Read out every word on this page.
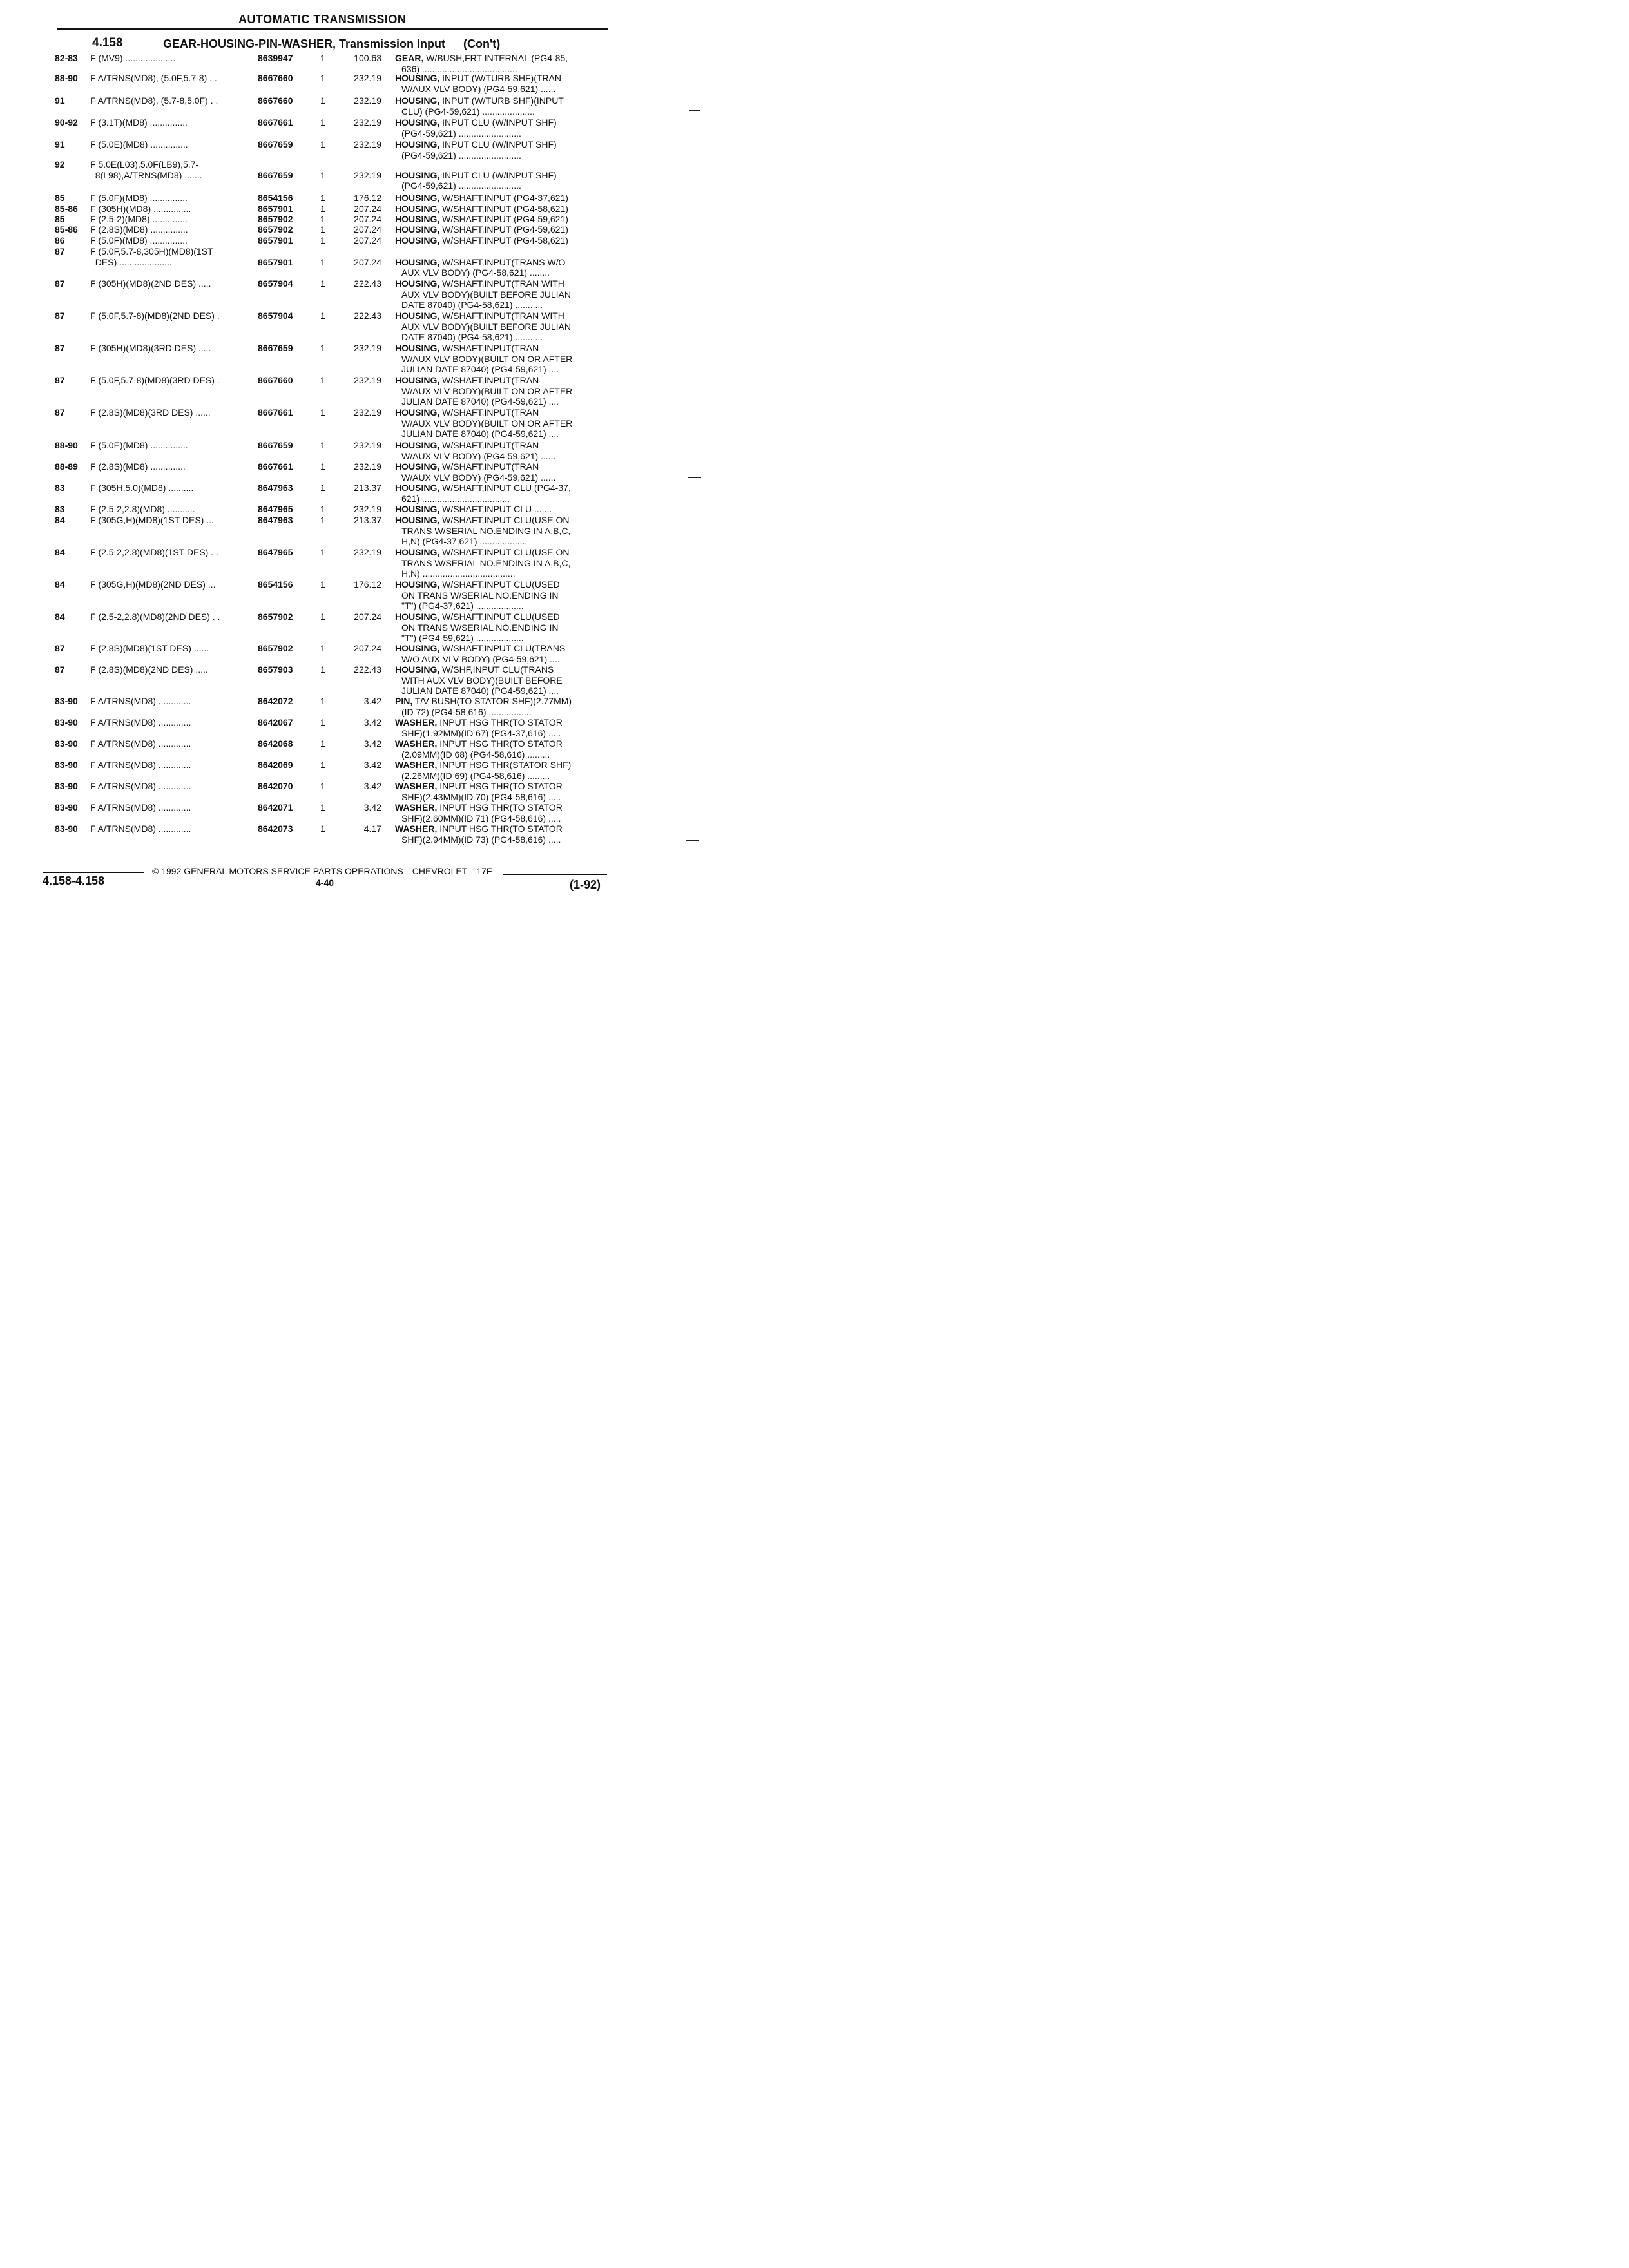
AUTOMATIC TRANSMISSION
4.158	GEAR-HOUSING-PIN-WASHER, Transmission Input (Con't)
82-83 F (MV9) ....................	8639947	1	100.63 GEAR, W/BUSH,FRT INTERNAL (PG4-85,
636) ......................................
88-90 F A/TRNS(MD8), (5.0F,5.7-8) . .	8667660	1	232.19 HOUSING, INPUT (W/TURB SHF)(TRAN
W/AUX VLV BODY) (PG4-59,621) ......
91	F A/TRNS(MD8), (5.7-8,5.0F) . .	8667660	1	232.19 HOUSING, INPUT (W/TURB SHF)(INPUT
CLU) (PG4-59,621) .....................
90-92 F (3.1T)(MD8) ...............	8667661	1	232.19 HOUSING, INPUT CLU (W/INPUT SHF)
(PG4-59,621) .........................
91	F (5.0E)(MD8) ...............	8667659	1	232.19 HOUSING, INPUT CLU (W/INPUT SHF)
(PG4-59,621) .........................
92	F 5.0E(L03),5.0F(LB9),5.7-
8(L98),A/TRNS(MD8) .......	8667659	1	232.19 HOUSING, INPUT CLU (W/INPUT SHF)
(PG4-59,621) .........................
85	F (5.0F)(MD8) ...............	8654156	1	176.12 HOUSING, W/SHAFT,INPUT (PG4-37,621)
85-86 F (305H)(MD8) ...............	8657901	1	207.24 HOUSING, W/SHAFT,INPUT (PG4-58,621)
85	F (2.5-2)(MD8) ..............	8657902	1	207.24 HOUSING, W/SHAFT,INPUT (PG4-59,621)
85-86 F (2.8S)(MD8) ...............	8657902	1	207.24 HOUSING, W/SHAFT,INPUT (PG4-59,621)
86	F (5.0F)(MD8) ...............	8657901	1	207.24 HOUSING, W/SHAFT,INPUT (PG4-58,621)
87	F (5.0F,5.7-8,305H)(MD8)(1ST
DES) .....................	8657901	1	207.24 HOUSING, W/SHAFT,INPUT(TRANS W/O
AUX VLV BODY) (PG4-58,621) ........
87	F (305H)(MD8)(2ND DES) .....	8657904	1	222.43 HOUSING, W/SHAFT,INPUT(TRAN WITH
AUX VLV BODY)(BUILT BEFORE JULIAN
DATE 87040) (PG4-58,621) ...........
87	F (5.0F,5.7-8)(MD8)(2ND DES) .	8657904	1	222.43 HOUSING, W/SHAFT,INPUT(TRAN WITH
AUX VLV BODY)(BUILT BEFORE JULIAN
DATE 87040) (PG4-58,621) ...........
87	F (305H)(MD8)(3RD DES) .....	8667659	1	232.19 HOUSING, W/SHAFT,INPUT(TRAN
W/AUX VLV BODY)(BUILT ON OR AFTER
JULIAN DATE 87040) (PG4-59,621) ....
87	F (5.0F,5.7-8)(MD8)(3RD DES) .	8667660	1	232.19 HOUSING, W/SHAFT,INPUT(TRAN
W/AUX VLV BODY)(BUILT ON OR AFTER
JULIAN DATE 87040) (PG4-59,621) ....
87	F (2.8S)(MD8)(3RD DES) ......	8667661	1	232.19 HOUSING, W/SHAFT,INPUT(TRAN
W/AUX VLV BODY)(BUILT ON OR AFTER
JULIAN DATE 87040) (PG4-59,621) ....
88-90 F (5.0E)(MD8) ...............	8667659	1	232.19 HOUSING, W/SHAFT,INPUT(TRAN
W/AUX VLV BODY) (PG4-59,621) ......
88-89 F (2.8S)(MD8) ..............	8667661	1	232.19 HOUSING, W/SHAFT,INPUT(TRAN
W/AUX VLV BODY) (PG4-59,621) ......
83	F (305H,5.0)(MD8) ..........	8647963	1	213.37 HOUSING, W/SHAFT,INPUT CLU (PG4-37,
621) ...................................
83	F (2.5-2,2.8)(MD8) ...........	8647965	1	232.19 HOUSING, W/SHAFT,INPUT CLU .......
84	F (305G,H)(MD8)(1ST DES) ...	8647963	1	213.37 HOUSING, W/SHAFT,INPUT CLU(USE ON
TRANS W/SERIAL NO.ENDING IN A,B,C,
H,N) (PG4-37,621) ...................
84	F (2.5-2,2.8)(MD8)(1ST DES) . .	8647965	1	232.19 HOUSING, W/SHAFT,INPUT CLU(USE ON
TRANS W/SERIAL NO.ENDING IN A,B,C,
H,N) .....................................
84	F (305G,H)(MD8)(2ND DES) ...	8654156	1	176.12 HOUSING, W/SHAFT,INPUT CLU(USED
ON TRANS W/SERIAL NO.ENDING IN
"T") (PG4-37,621) ...................
84	F (2.5-2,2.8)(MD8)(2ND DES) . .	8657902	1	207.24 HOUSING, W/SHAFT,INPUT CLU(USED
ON TRANS W/SERIAL NO.ENDING IN
"T") (PG4-59,621) ...................
87	F (2.8S)(MD8)(1ST DES) ......	8657902	1	207.24 HOUSING, W/SHAFT,INPUT CLU(TRANS
W/O AUX VLV BODY) (PG4-59,621) ....
87	F (2.8S)(MD8)(2ND DES) .....	8657903	1	222.43 HOUSING, W/SHF,INPUT CLU(TRANS
WITH AUX VLV BODY)(BUILT BEFORE
JULIAN DATE 87040) (PG4-59,621) ....
83-90 F A/TRNS(MD8) .............	8642072	1	3.42 PIN, T/V BUSH(TO STATOR SHF)(2.77MM)
(ID 72) (PG4-58,616) .................
83-90 F A/TRNS(MD8) .............	8642067	1	3.42 WASHER, INPUT HSG THR(TO STATOR
SHF)(1.92MM)(ID 67) (PG4-37,616) .....
83-90 F A/TRNS(MD8) .............	8642068	1	3.42 WASHER, INPUT HSG THR(TO STATOR
(2.09MM)(ID 68) (PG4-58,616) .........
83-90 F A/TRNS(MD8) .............	8642069	1	3.42 WASHER, INPUT HSG THR(STATOR SHF)
(2.26MM)(ID 69) (PG4-58,616) .........
83-90 F A/TRNS(MD8) .............	8642070	1	3.42 WASHER, INPUT HSG THR(TO STATOR
SHF)(2.43MM)(ID 70) (PG4-58,616) .....
83-90 F A/TRNS(MD8) .............	8642071	1	3.42 WASHER, INPUT HSG THR(TO STATOR
SHF)(2.60MM)(ID 71) (PG4-58,616) .....
83-90 F A/TRNS(MD8) .............	8642073	1	4.17 WASHER, INPUT HSG THR(TO STATOR
SHF)(2.94MM)(ID 73) (PG4-58,616) .....
© 1992 GENERAL MOTORS SERVICE PARTS OPERATIONS—CHEVROLET—17F
4.158-4.158	4-40	(1-92)
